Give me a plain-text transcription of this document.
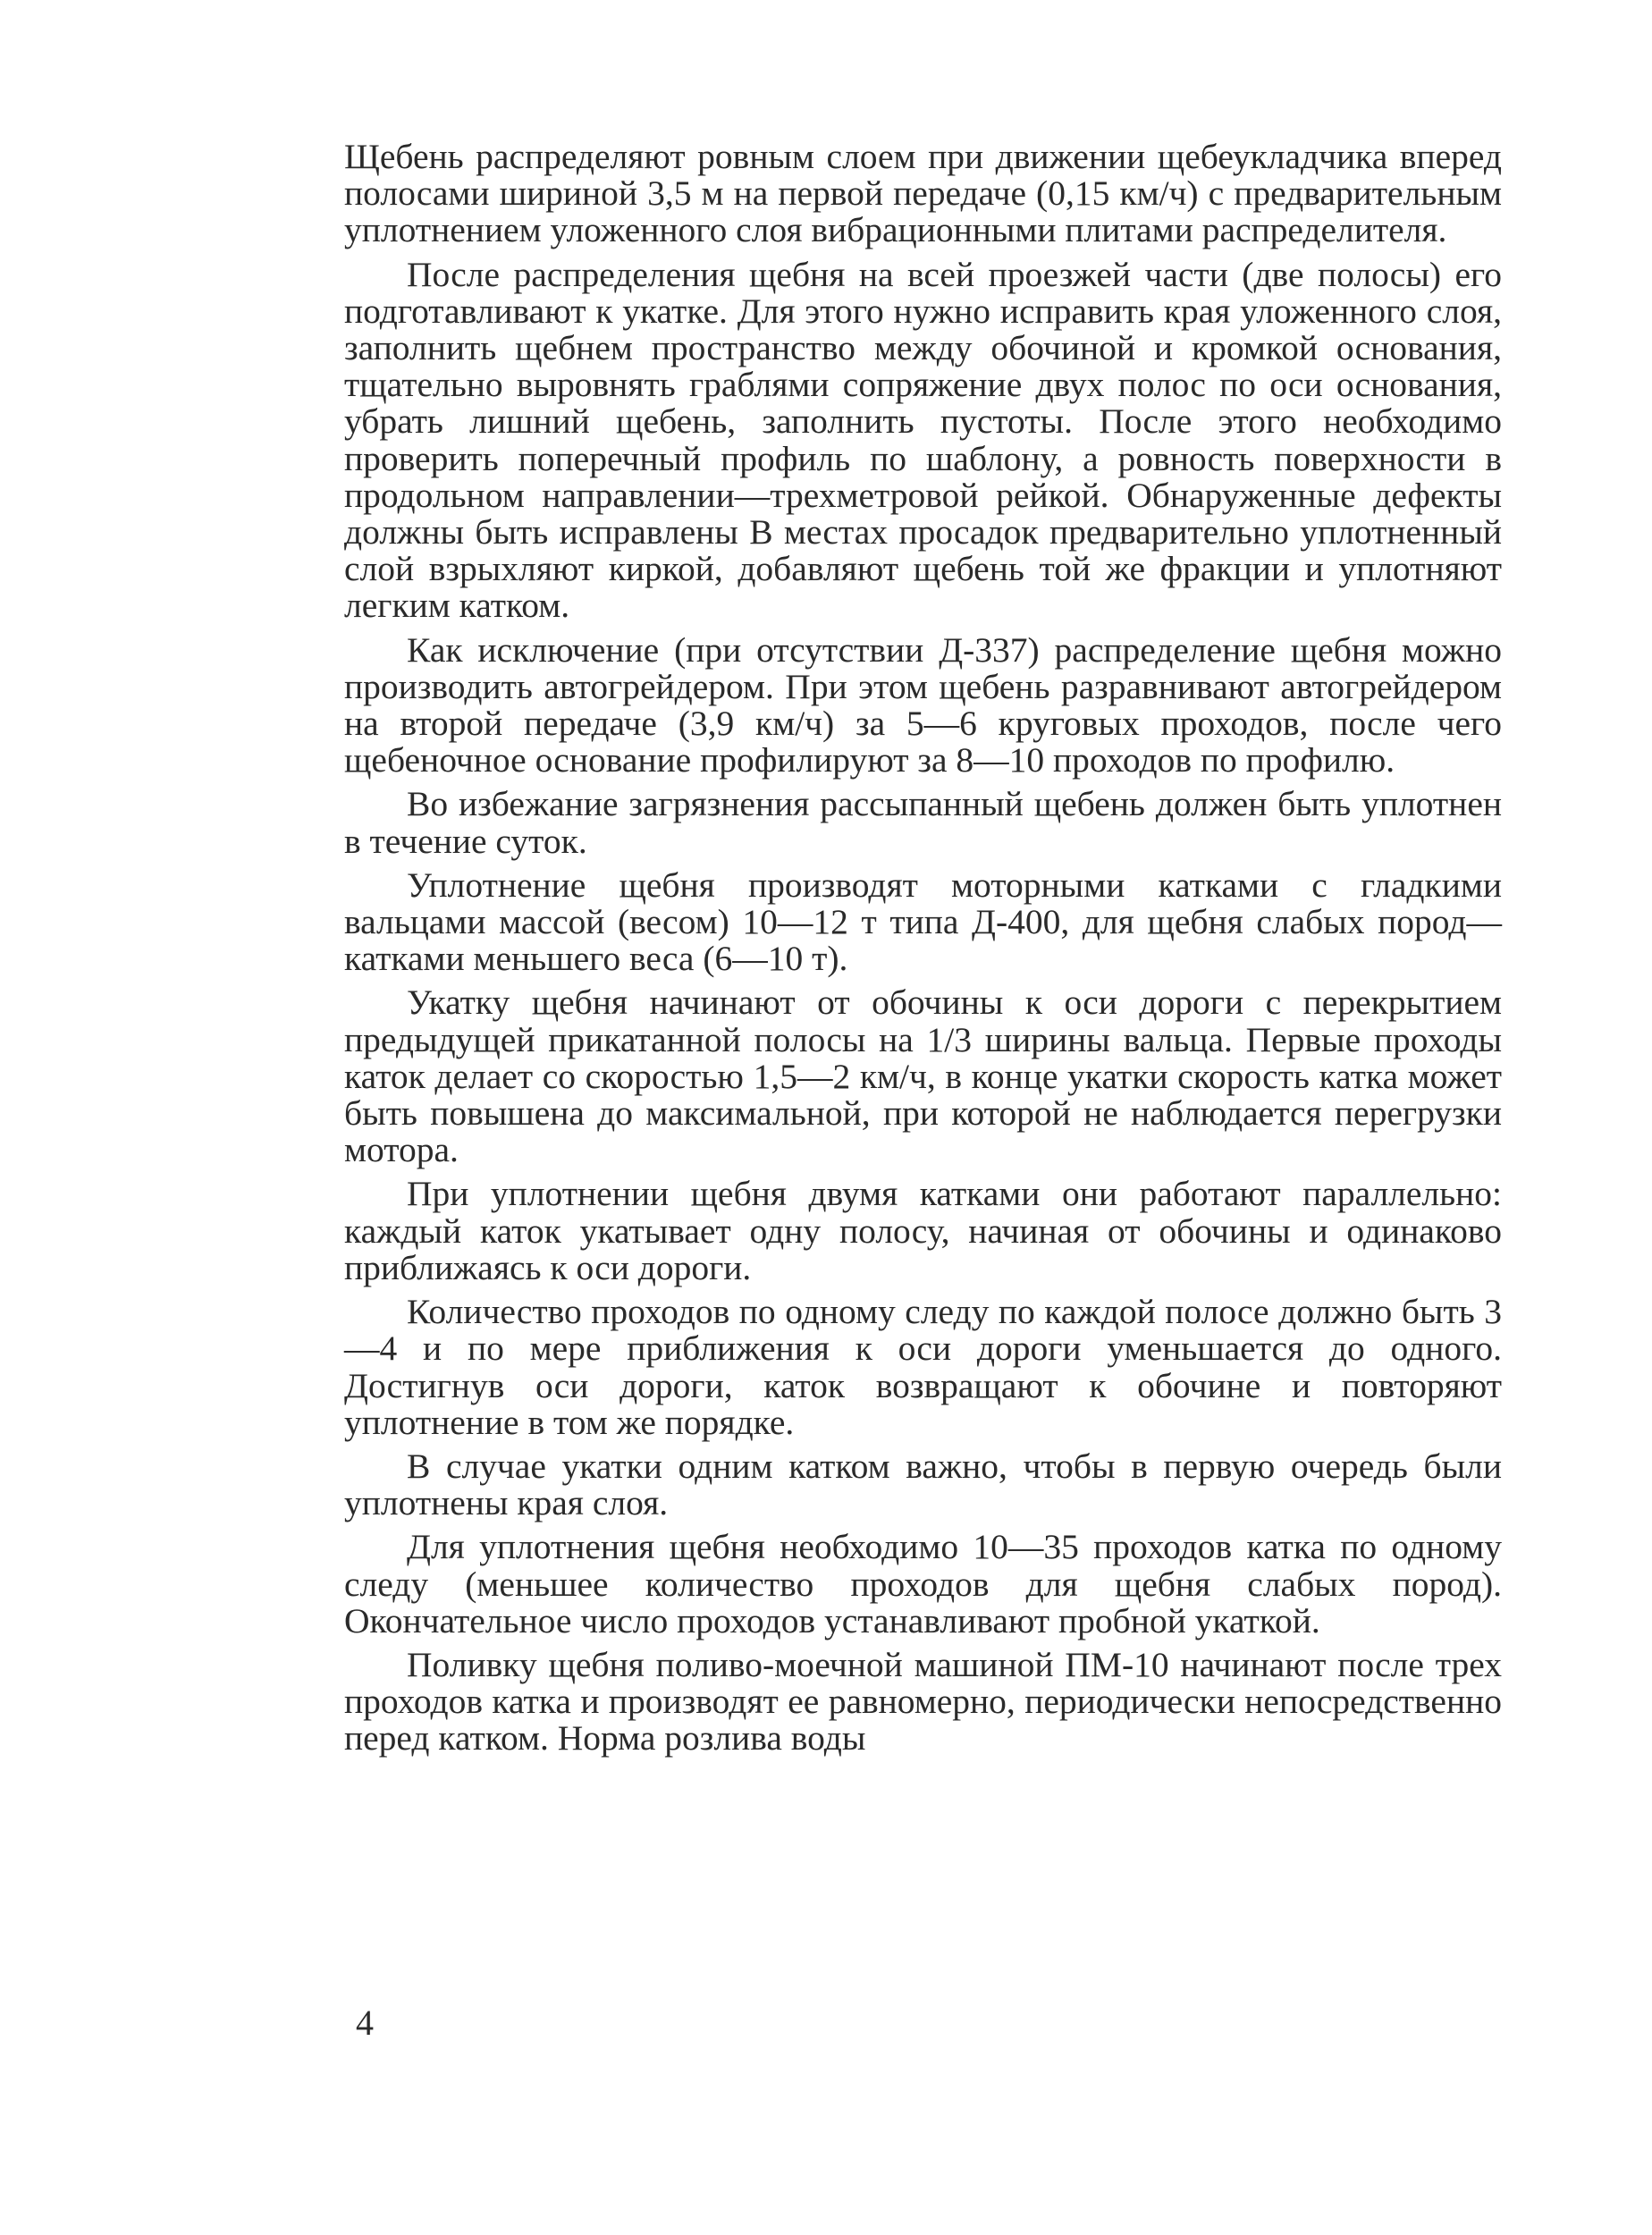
Щебень распределяют ровным слоем при движении щебеукладчика вперед полосами шириной 3,5 м на первой передаче (0,15 км/ч) с предварительным уплотнением уложенного слоя вибрационными плитами распределителя.

После распределения щебня на всей проезжей части (две полосы) его подготавливают к укатке. Для этого нужно исправить края уложенного слоя, заполнить щебнем пространство между обочиной и кромкой основания, тщательно выровнять граблями сопряжение двух полос по оси основания, убрать лишний щебень, заполнить пустоты. После этого необходимо проверить поперечный профиль по шаблону, а ровность поверхности в продольном направлении—трехметровой рейкой. Обнаруженные дефекты должны быть исправлены В местах просадок предварительно уплотненный слой взрыхляют киркой, добавляют щебень той же фракции и уплотняют легким катком.

Как исключение (при отсутствии Д-337) распределение щебня можно производить автогрейдером. При этом щебень разравнивают автогрейдером на второй передаче (3,9 км/ч) за 5—6 круговых проходов, после чего щебеночное основание профилируют за 8—10 проходов по профилю.

Во избежание загрязнения рассыпанный щебень должен быть уплотнен в течение суток.

Уплотнение щебня производят моторными катками с гладкими вальцами массой (весом) 10—12 т типа Д-400, для щебня слабых пород—катками меньшего веса (6—10 т).

Укатку щебня начинают от обочины к оси дороги с перекрытием предыдущей прикатанной полосы на 1/3 ширины вальца. Первые проходы каток делает со скоростью 1,5—2 км/ч, в конце укатки скорость катка может быть повышена до максимальной, при которой не наблюдается перегрузки мотора.

При уплотнении щебня двумя катками они работают параллельно: каждый каток укатывает одну полосу, начиная от обочины и одинаково приближаясь к оси дороги.

Количество проходов по одному следу по каждой полосе должно быть 3—4 и по мере приближения к оси дороги уменьшается до одного. Достигнув оси дороги, каток возвращают к обочине и повторяют уплотнение в том же порядке.

В случае укатки одним катком важно, чтобы в первую очередь были уплотнены края слоя.

Для уплотнения щебня необходимо 10—35 проходов катка по одному следу (меньшее количество проходов для щебня слабых пород). Окончательное число проходов устанавливают пробной укаткой.

Поливку щебня поливо-моечной машиной ПМ-10 начинают после трех проходов катка и производят ее равномерно, периодически непосредственно перед катком. Норма розлива воды

4
